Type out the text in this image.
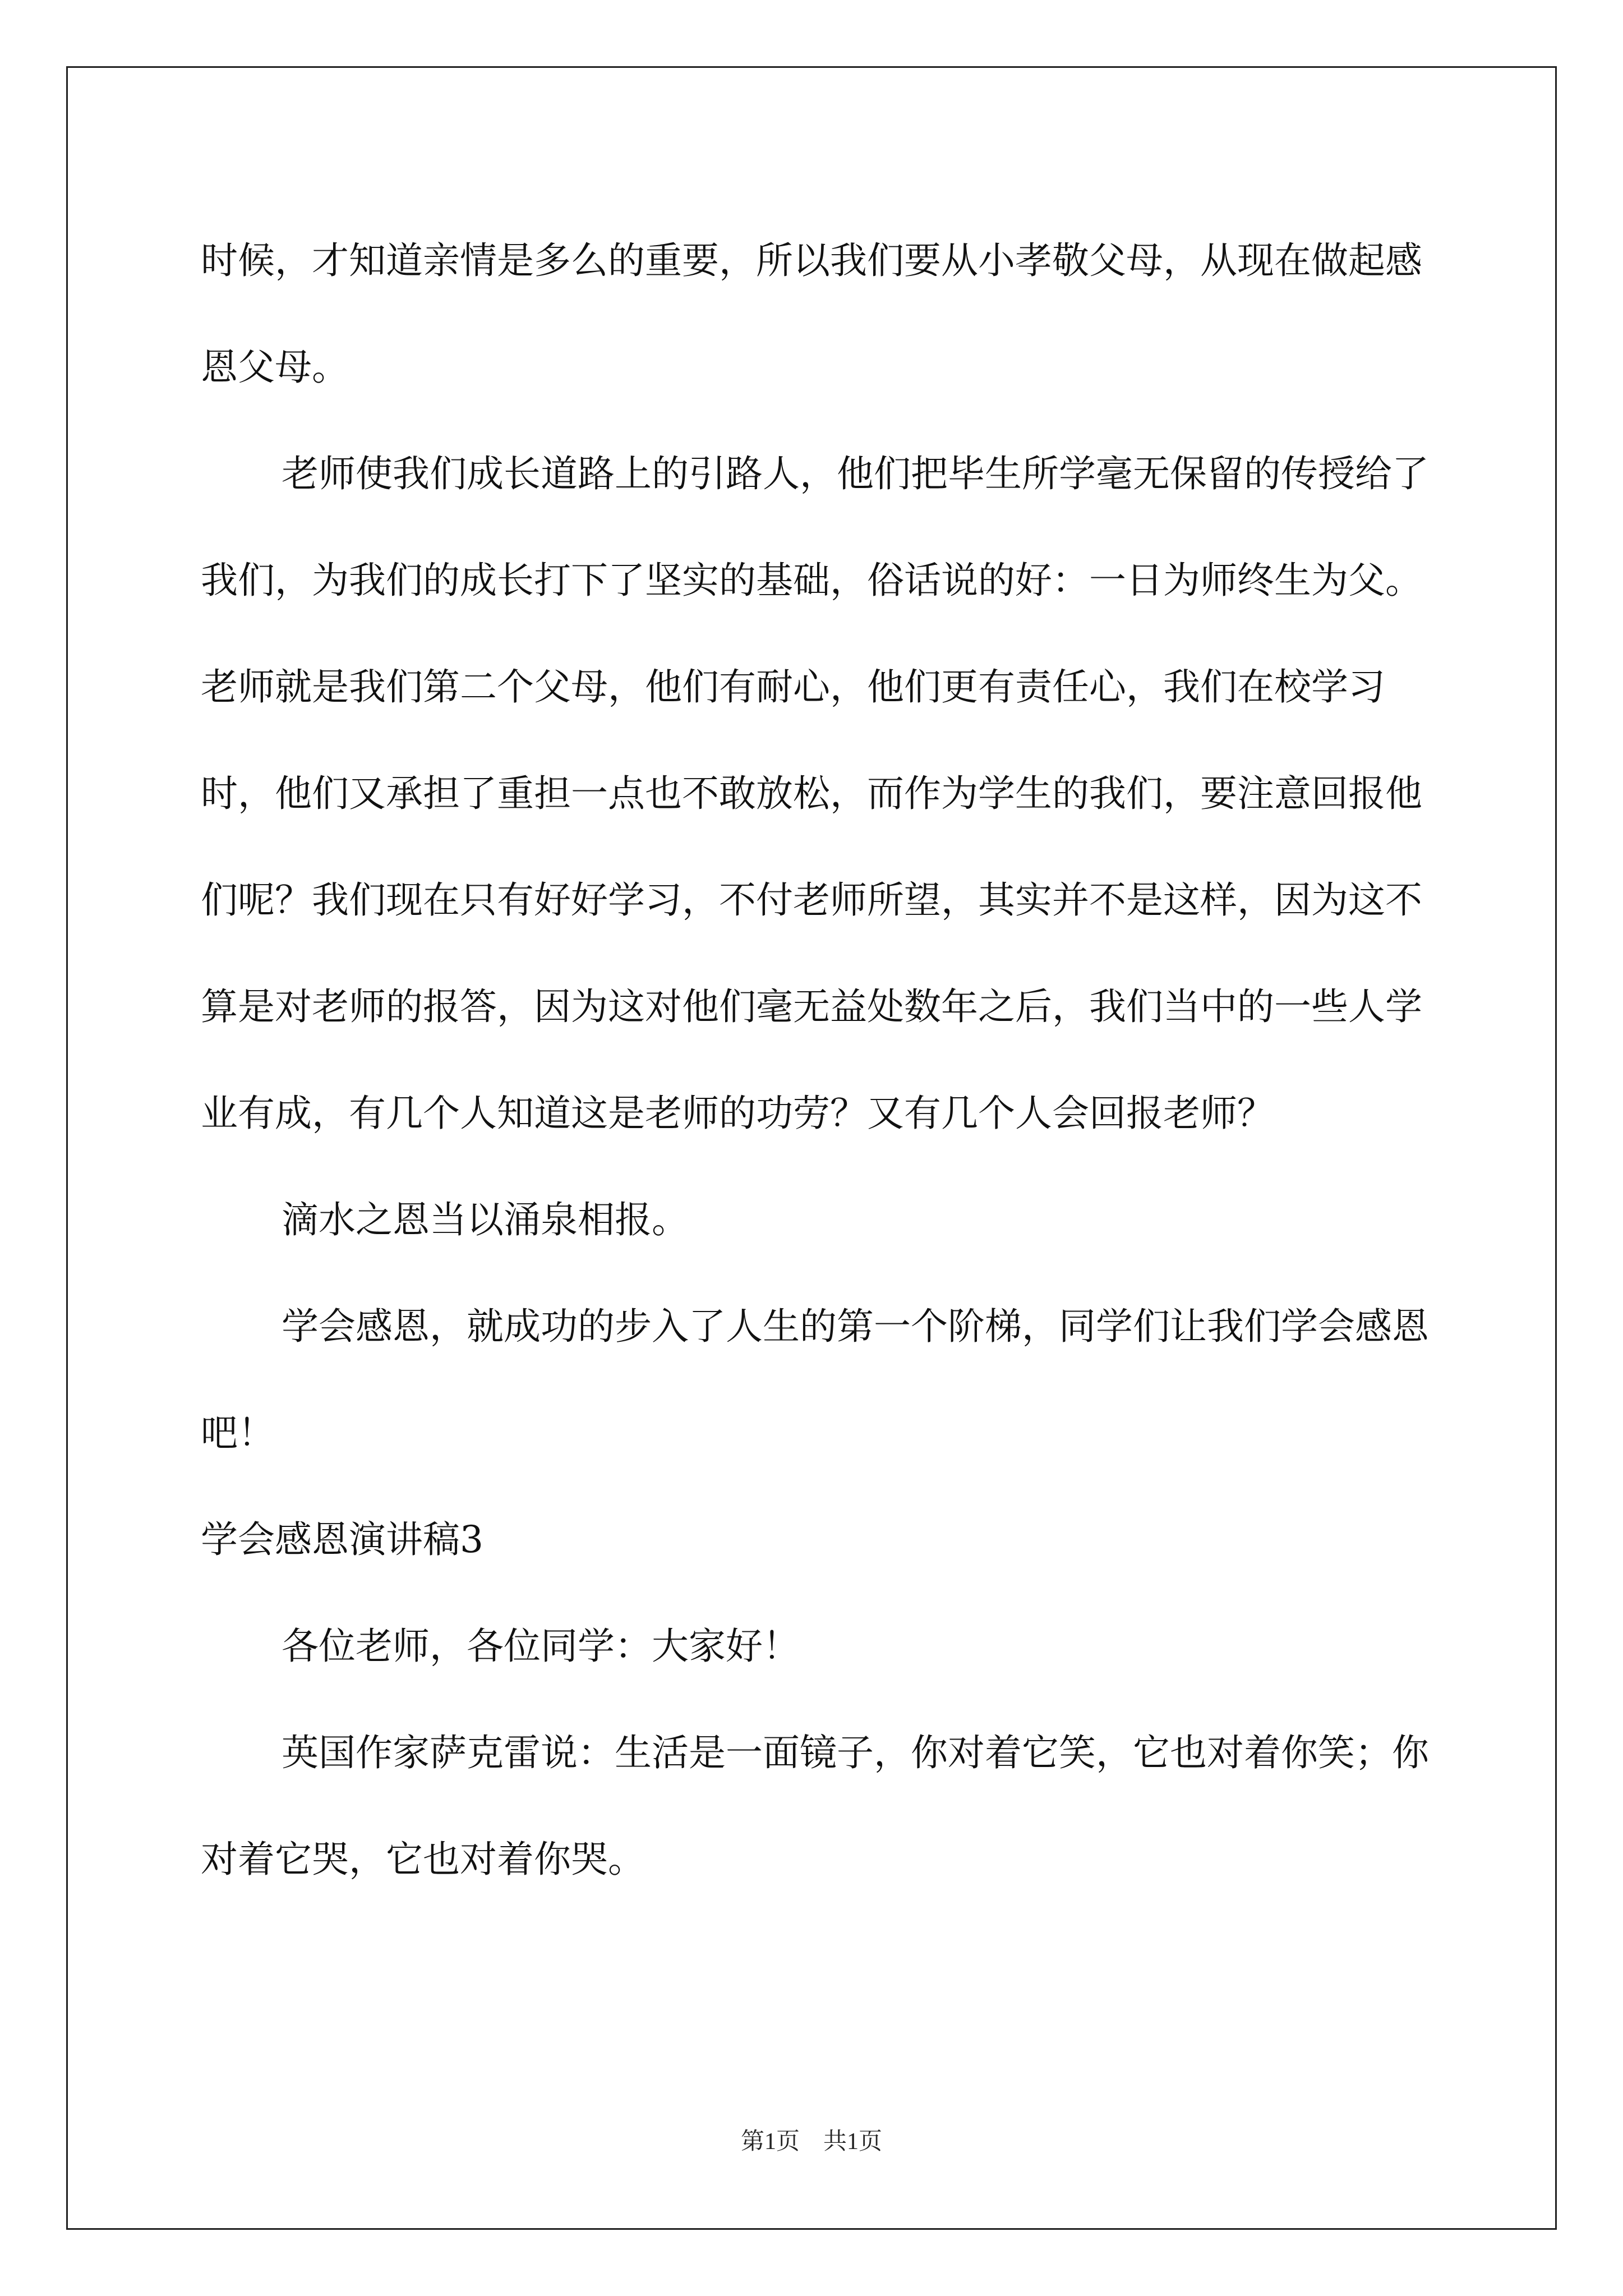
时候，才知道亲情是多么的重要，所以我们要从小孝敬父母，从现在做起感恩父母。

老师使我们成长道路上的引路人，他们把毕生所学毫无保留的传授给了我们，为我们的成长打下了坚实的基础，俗话说的好：一日为师终生为父。老师就是我们第二个父母，他们有耐心，他们更有责任心，我们在校学习时，他们又承担了重担一点也不敢放松，而作为学生的我们，要注意回报他们呢？我们现在只有好好学习，不付老师所望，其实并不是这样，因为这不算是对老师的报答，因为这对他们毫无益处数年之后，我们当中的一些人学业有成，有几个人知道这是老师的功劳？又有几个人会回报老师？

滴水之恩当以涌泉相报。

学会感恩，就成功的步入了人生的第一个阶梯，同学们让我们学会感恩吧！

学会感恩演讲稿3

各位老师，各位同学：大家好！

英国作家萨克雷说：生活是一面镜子，你对着它笑，它也对着你笑；你对着它哭，它也对着你哭。

第1页　共1页
